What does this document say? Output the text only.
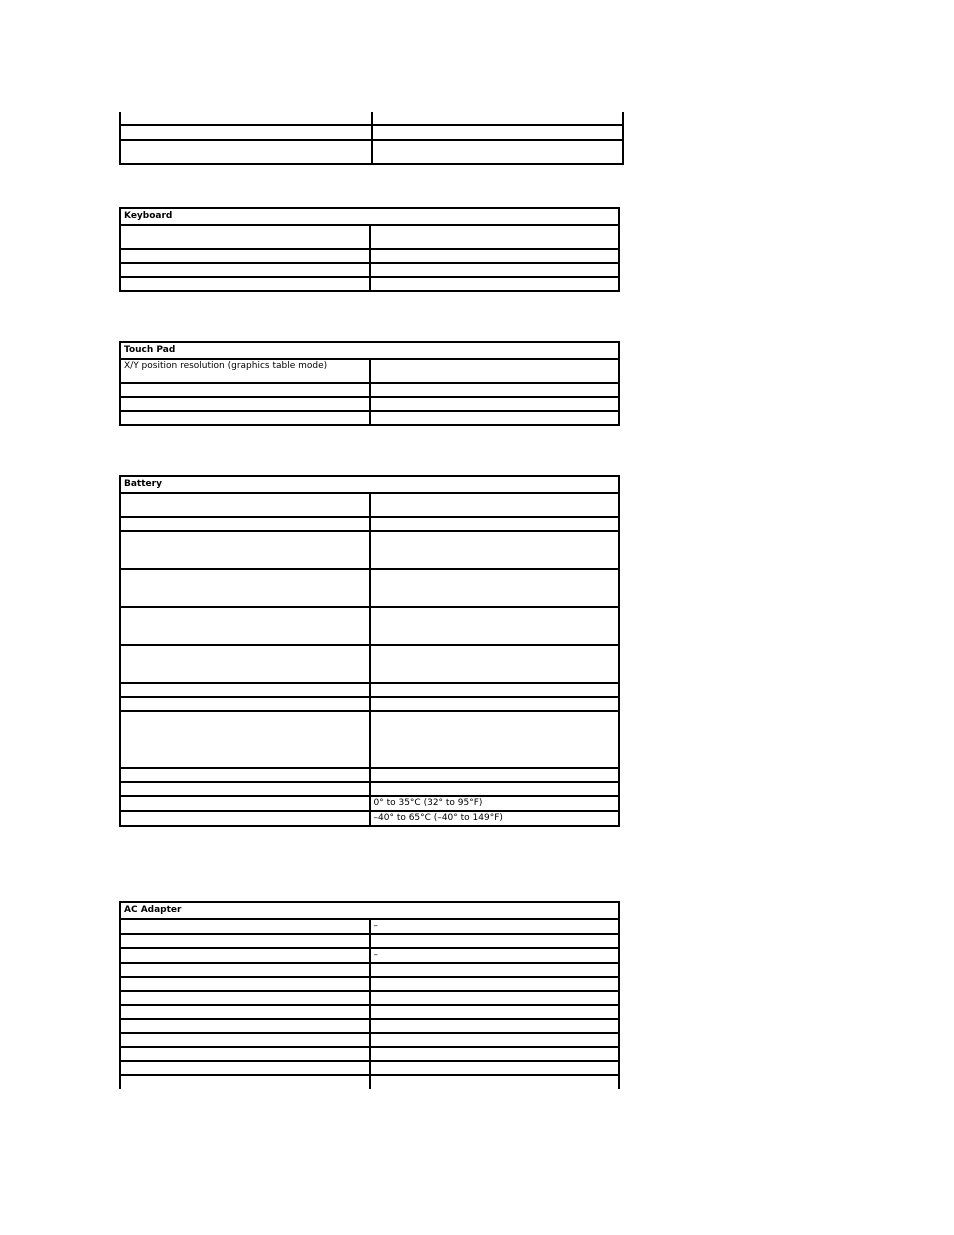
Keyboard	

Touch Pad	
X/Y position resolution (graphics table mode)	

Battery	

	0° to 35°C (32° to 95°F)
	–40° to 65°C (–40° to 149°F)
AC Adapter	
	–

	–
